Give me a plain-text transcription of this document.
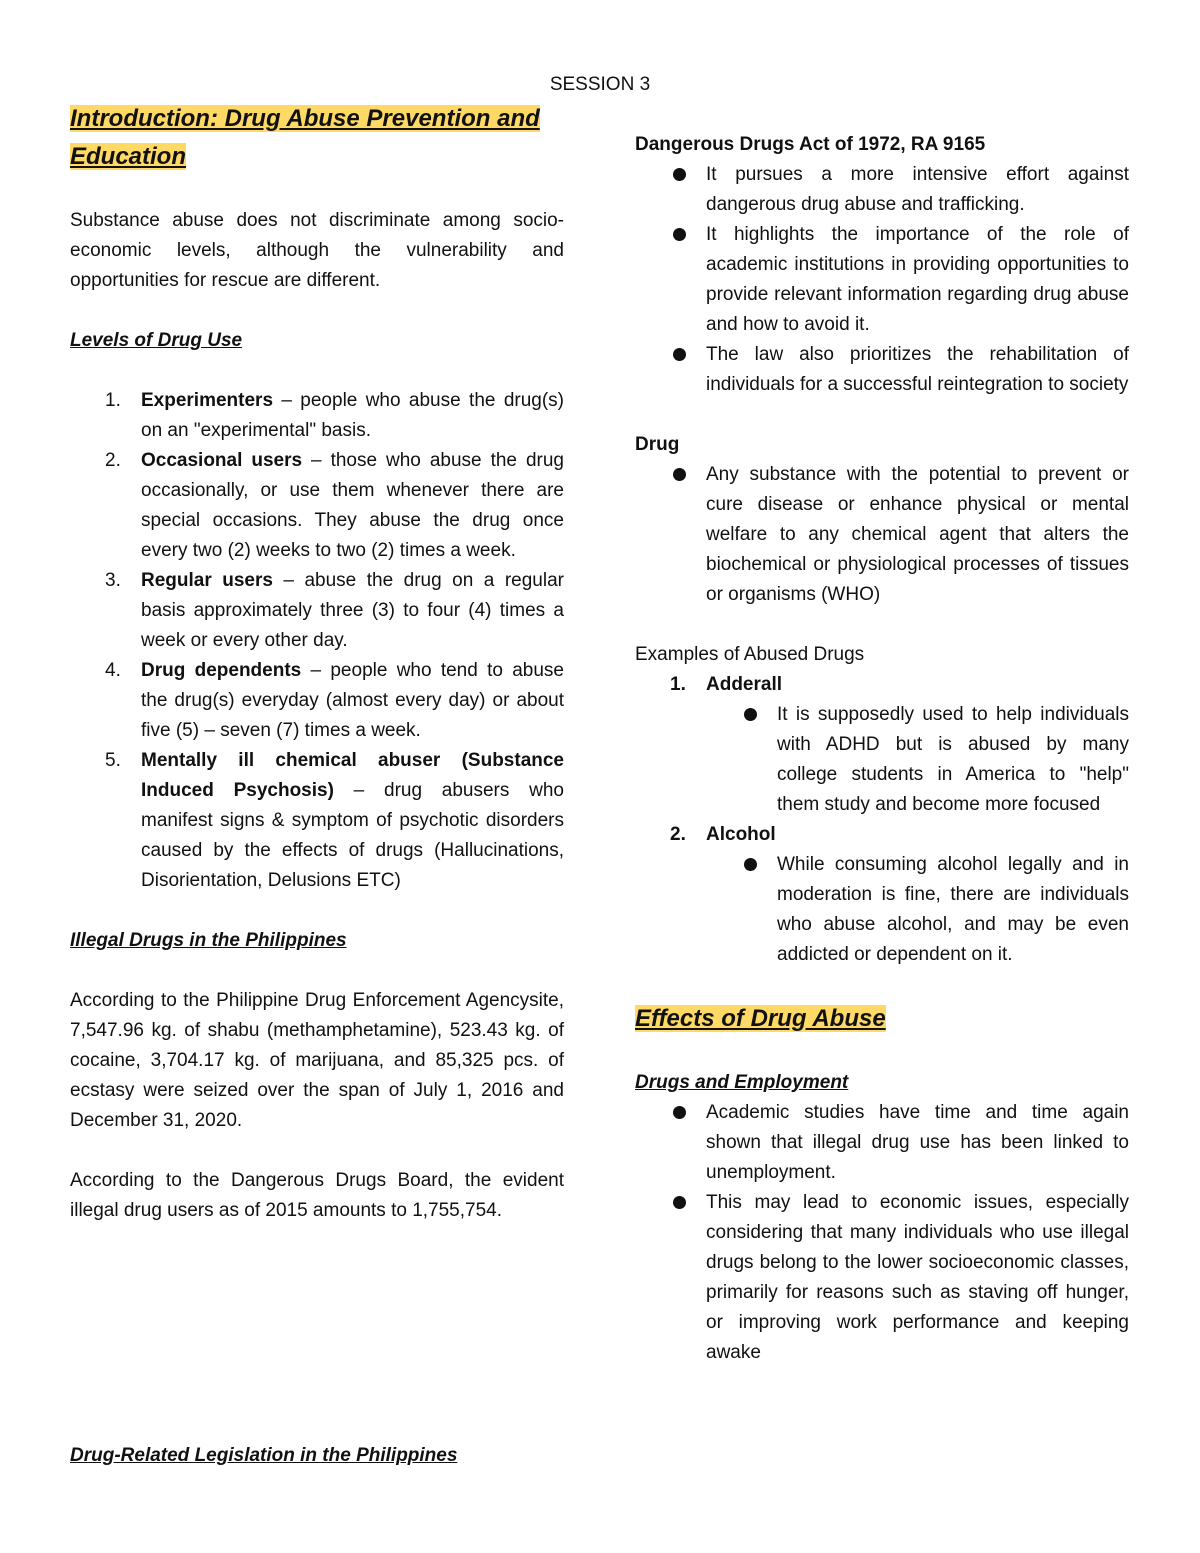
SESSION 3
Introduction: Drug Abuse Prevention and Education

Substance abuse does not discriminate among socio-economic levels, although the vulnerability and opportunities for rescue are different.

Levels of Drug Use

1. Experimenters – people who abuse the drug(s) on an "experimental" basis.
2. Occasional users – those who abuse the drug occasionally, or use them whenever there are special occasions. They abuse the drug once every two (2) weeks to two (2) times a week.
3. Regular users – abuse the drug on a regular basis approximately three (3) to four (4) times a week or every other day.
4. Drug dependents – people who tend to abuse the drug(s) everyday (almost every day) or about five (5) – seven (7) times a week.
5. Mentally ill chemical abuser (Substance Induced Psychosis) – drug abusers who manifest signs & symptom of psychotic disorders caused by the effects of drugs (Hallucinations, Disorientation, Delusions ETC)

Illegal Drugs in the Philippines

According to the Philippine Drug Enforcement Agencysite, 7,547.96 kg. of shabu (methamphetamine), 523.43 kg. of cocaine, 3,704.17 kg. of marijuana, and 85,325 pcs. of ecstasy were seized over the span of July 1, 2016 and December 31, 2020.

According to the Dangerous Drugs Board, the evident illegal drug users as of 2015 amounts to 1,755,754.

Drug-Related Legislation in the Philippines

Dangerous Drugs Act of 1972, RA 9165

It pursues a more intensive effort against dangerous drug abuse and trafficking.
It highlights the importance of the role of academic institutions in providing opportunities to provide relevant information regarding drug abuse and how to avoid it.
The law also prioritizes the rehabilitation of individuals for a successful reintegration to society

Drug

Any substance with the potential to prevent or cure disease or enhance physical or mental welfare to any chemical agent that alters the biochemical or physiological processes of tissues or organisms (WHO)

Examples of Abused Drugs

1. Adderall
It is supposedly used to help individuals with ADHD but is abused by many college students in America to "help" them study and become more focused
2. Alcohol
While consuming alcohol legally and in moderation is fine, there are individuals who abuse alcohol, and may be even addicted or dependent on it.
Effects of Drug Abuse

Drugs and Employment

Academic studies have time and time again shown that illegal drug use has been linked to unemployment.
This may lead to economic issues, especially considering that many individuals who use illegal drugs belong to the lower socioeconomic classes, primarily for reasons such as staving off hunger, or improving work performance and keeping awake
